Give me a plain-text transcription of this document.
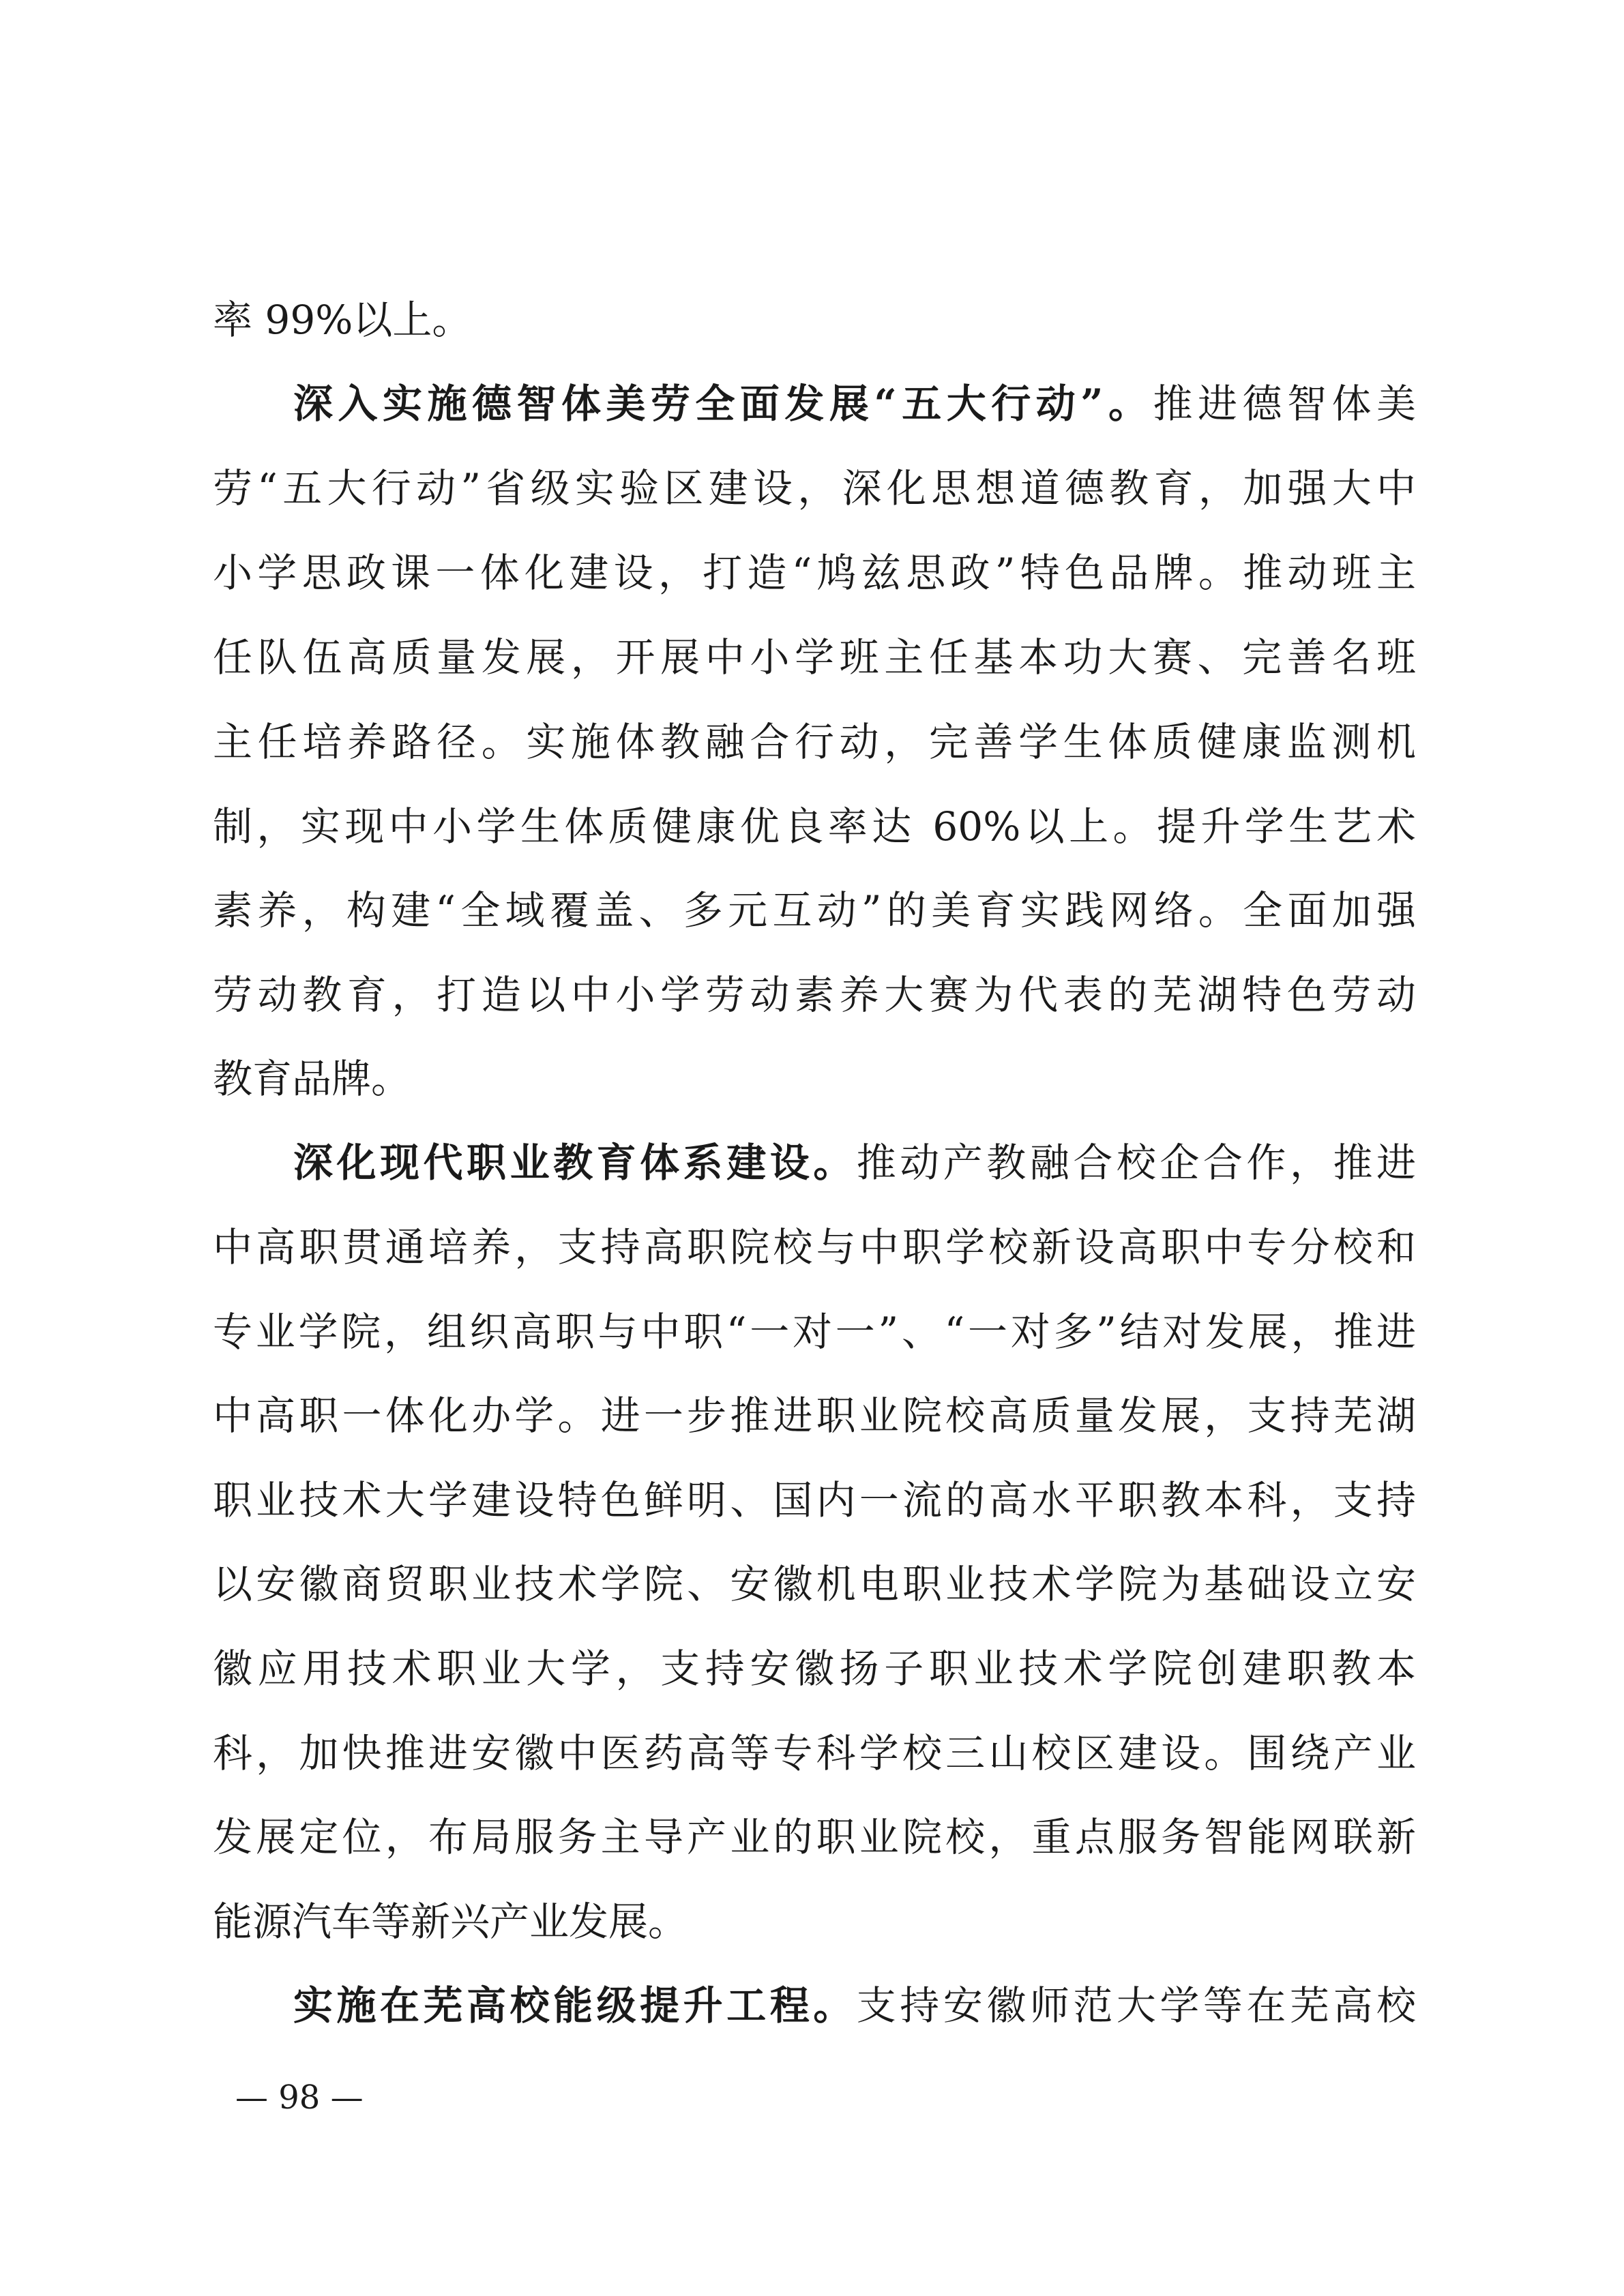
率 99%以上。
深入实施德智体美劳全面发展“五大行动”。推进德智体美
劳“五大行动”省级实验区建设，深化思想道德教育，加强大中
小学思政课一体化建设，打造“鸠兹思政”特色品牌。推动班主
任队伍高质量发展，开展中小学班主任基本功大赛、完善名班
主任培养路径。实施体教融合行动，完善学生体质健康监测机
制，实现中小学生体质健康优良率达 60%以上。提升学生艺术
素养，构建“全域覆盖、多元互动”的美育实践网络。全面加强
劳动教育，打造以中小学劳动素养大赛为代表的芜湖特色劳动
教育品牌。
深化现代职业教育体系建设。推动产教融合校企合作，推进
中高职贯通培养，支持高职院校与中职学校新设高职中专分校和
专业学院，组织高职与中职“一对一”、“一对多”结对发展，推进
中高职一体化办学。进一步推进职业院校高质量发展，支持芜湖
职业技术大学建设特色鲜明、国内一流的高水平职教本科，支持
以安徽商贸职业技术学院、安徽机电职业技术学院为基础设立安
徽应用技术职业大学，支持安徽扬子职业技术学院创建职教本
科，加快推进安徽中医药高等专科学校三山校区建设。围绕产业
发展定位，布局服务主导产业的职业院校，重点服务智能网联新
能源汽车等新兴产业发展。
实施在芜高校能级提升工程。支持安徽师范大学等在芜高校
— 98 —
